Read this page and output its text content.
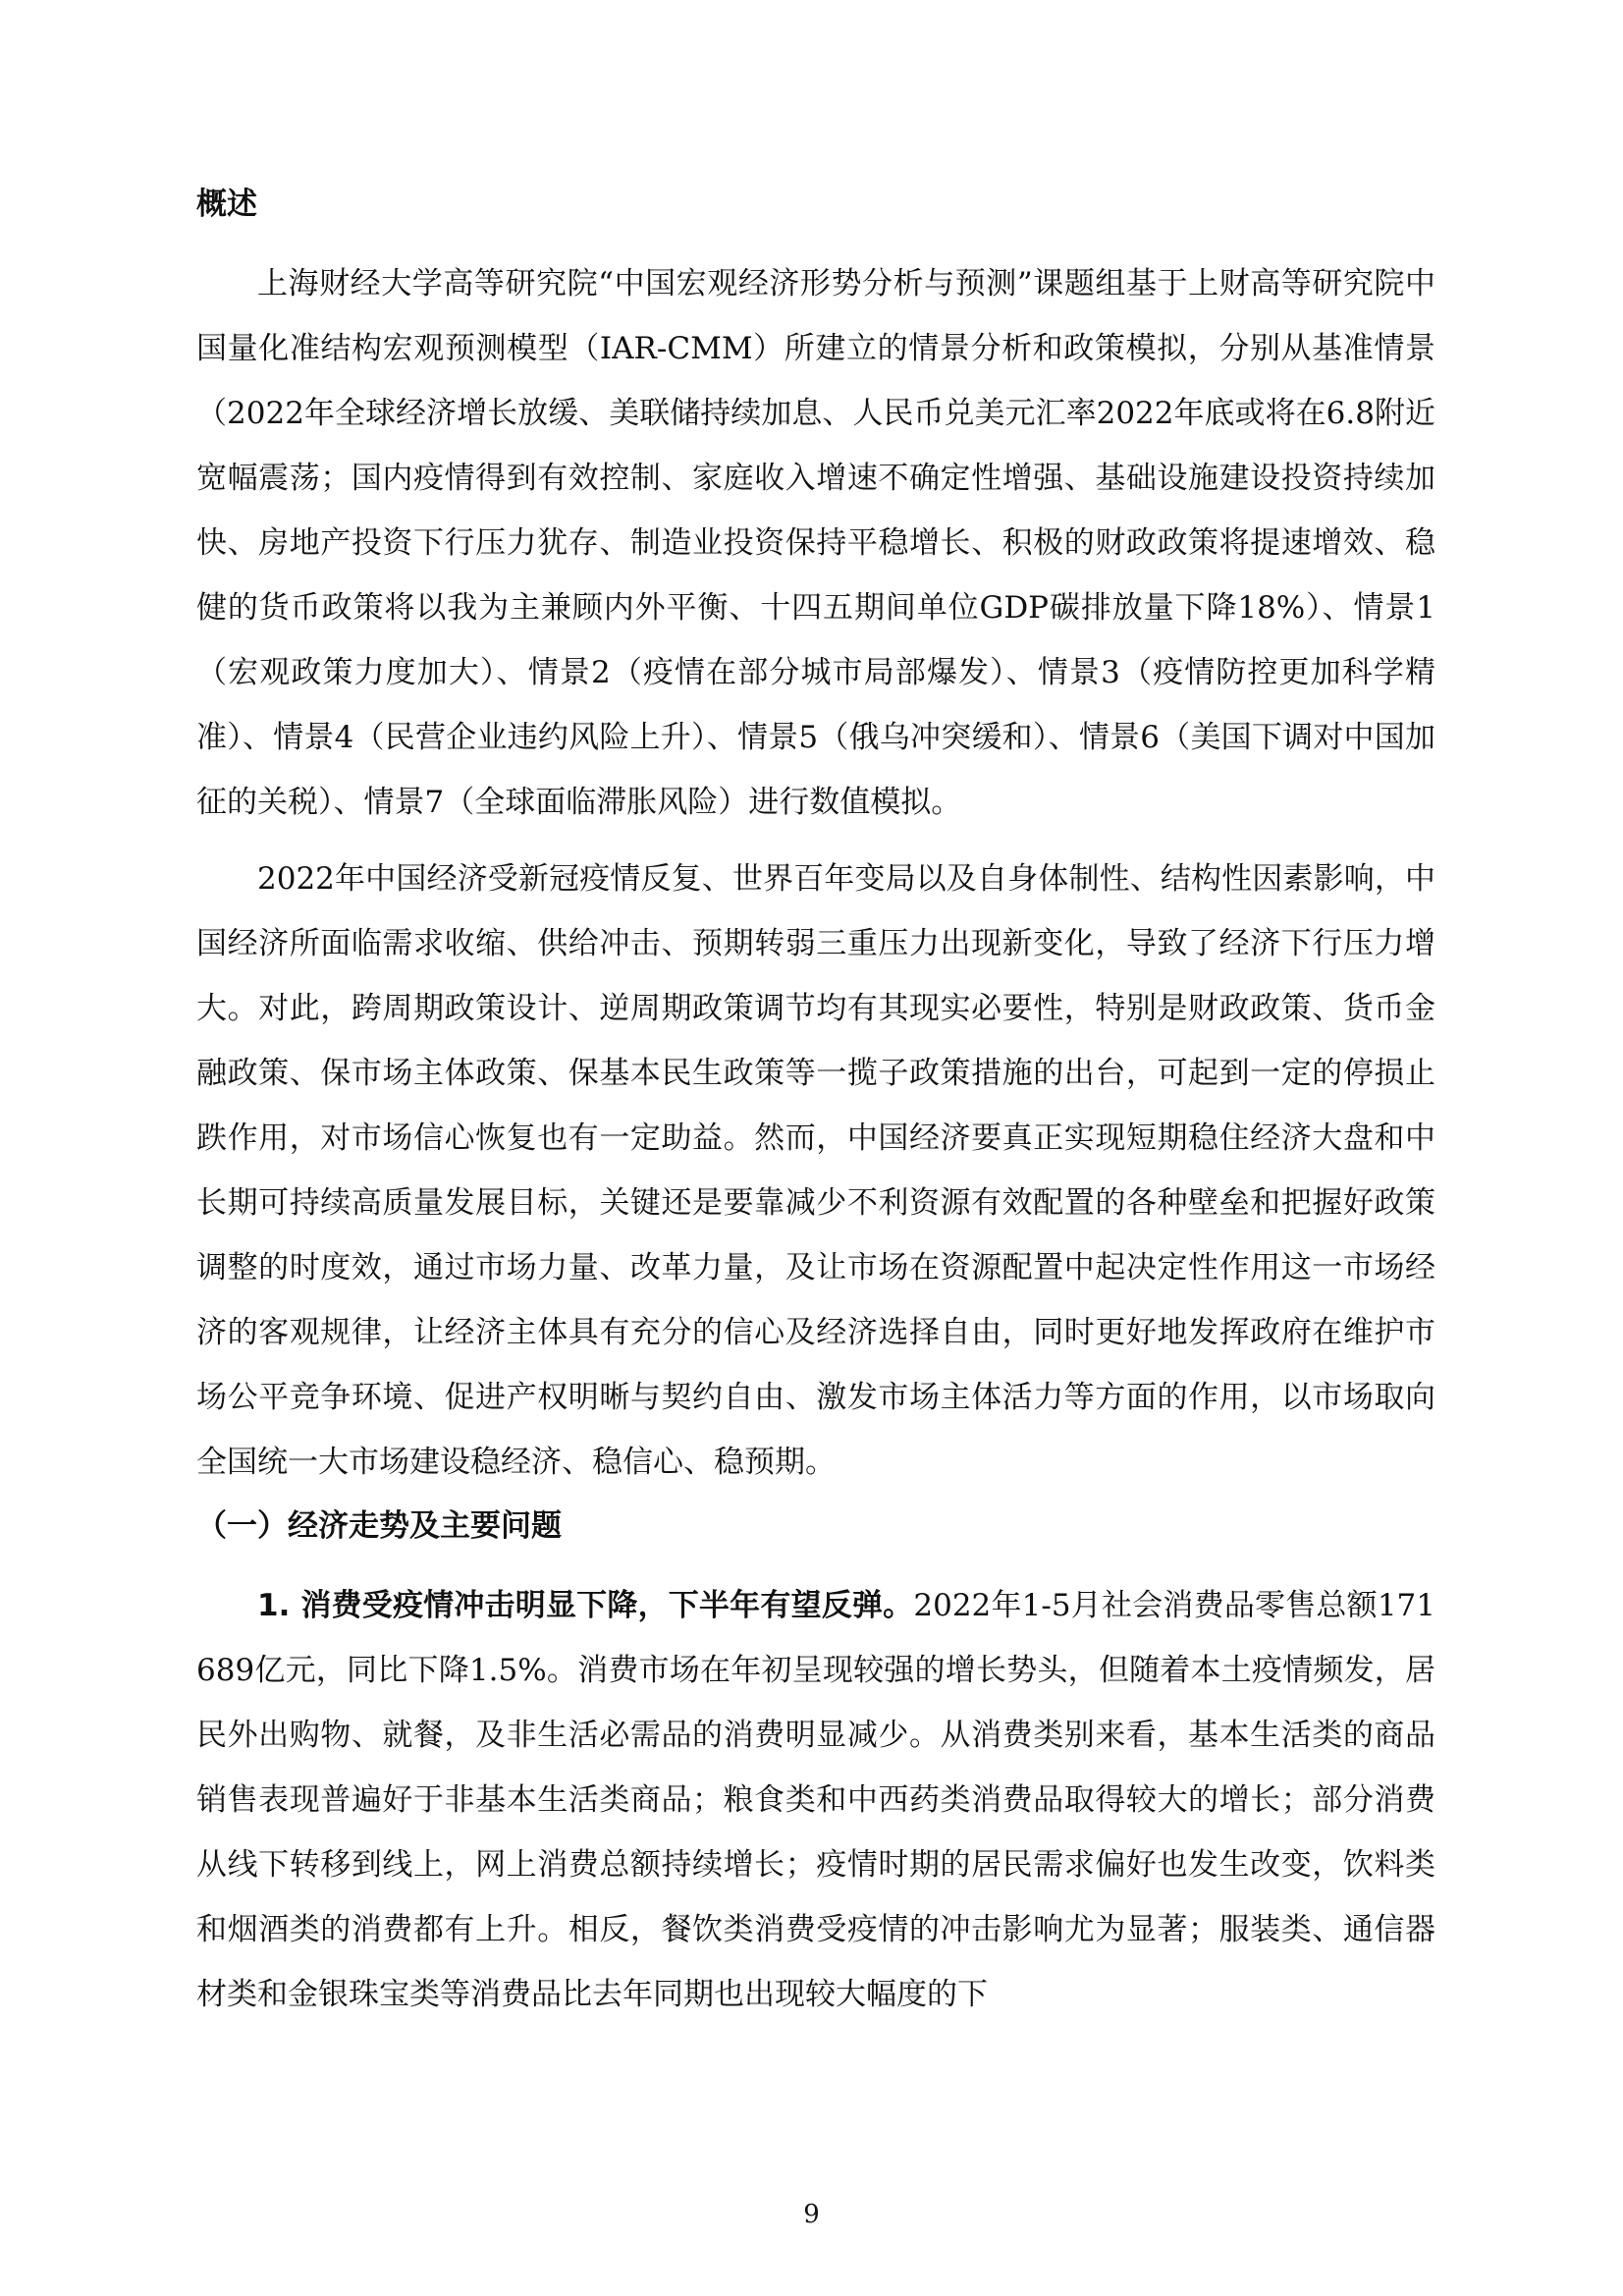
概述

上海财经大学高等研究院“中国宏观经济形势分析与预测”课题组基于上财高等研究院中国量化准结构宏观预测模型（IAR-CMM）所建立的情景分析和政策模拟，分别从基准情景（2022年全球经济增长放缓、美联储持续加息、人民币兑美元汇率2022年底或将在6.8附近宽幅震荡；国内疫情得到有效控制、家庭收入增速不确定性增强、基础设施建设投资持续加快、房地产投资下行压力犹存、制造业投资保持平稳增长、积极的财政政策将提速增效、稳健的货币政策将以我为主兼顾内外平衡、十四五期间单位GDP碳排放量下降18%）、情景1（宏观政策力度加大）、情景2（疫情在部分城市局部爆发）、情景3（疫情防控更加科学精准）、情景4（民营企业违约风险上升）、情景5（俄乌冲突缓和）、情景6（美国下调对中国加征的关税）、情景7（全球面临滞胀风险）进行数值模拟。

2022年中国经济受新冠疫情反复、世界百年变局以及自身体制性、结构性因素影响，中国经济所面临需求收缩、供给冲击、预期转弱三重压力出现新变化，导致了经济下行压力增大。对此，跨周期政策设计、逆周期政策调节均有其现实必要性，特别是财政政策、货币金融政策、保市场主体政策、保基本民生政策等一揽子政策措施的出台，可起到一定的停损止跌作用，对市场信心恢复也有一定助益。然而，中国经济要真正实现短期稳住经济大盘和中长期可持续高质量发展目标，关键还是要靠减少不利资源有效配置的各种壁垒和把握好政策调整的时度效，通过市场力量、改革力量，及让市场在资源配置中起决定性作用这一市场经济的客观规律，让经济主体具有充分的信心及经济选择自由，同时更好地发挥政府在维护市场公平竞争环境、促进产权明晰与契约自由、激发市场主体活力等方面的作用，以市场取向全国统一大市场建设稳经济、稳信心、稳预期。

（一）经济走势及主要问题

1. 消费受疫情冲击明显下降，下半年有望反弹。2022年1-5月社会消费品零售总额171689亿元，同比下降1.5%。消费市场在年初呈现较强的增长势头，但随着本土疫情频发，居民外出购物、就餐，及非生活必需品的消费明显减少。从消费类别来看，基本生活类的商品销售表现普遍好于非基本生活类商品；粮食类和中西药类消费品取得较大的增长；部分消费从线下转移到线上，网上消费总额持续增长；疫情时期的居民需求偏好也发生改变，饮料类和烟酒类的消费都有上升。相反，餐饮类消费受疫情的冲击影响尤为显著；服装类、通信器材类和金银珠宝类等消费品比去年同期也出现较大幅度的下

9
